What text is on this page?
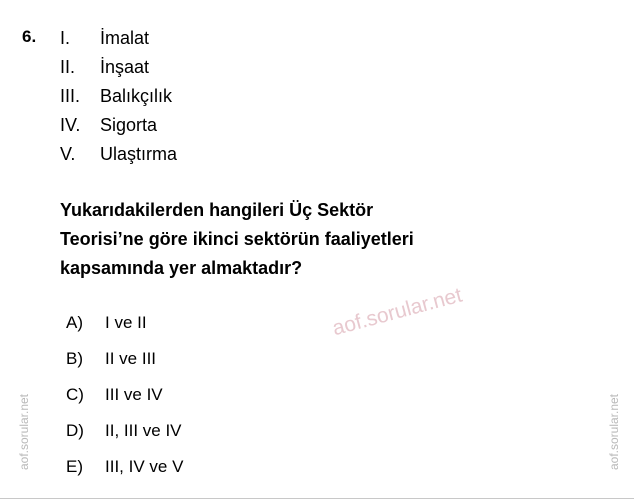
6. I.	İmalat
II.	İnşaat
III.	Balıkçılık
IV.	Sigorta
V.	Ulaştırma
Yukarıdakilerden hangileri Üç Sektör
Teorisi’ne göre ikinci sektörün faaliyetleri
kapsamında yer almaktadır?
A)	I ve II
B)	II ve III
C)	III ve IV
D)	II, III ve IV
E)	III, IV ve V
aof.sorular.net
aof.sorular.net	aof.sorular.net
